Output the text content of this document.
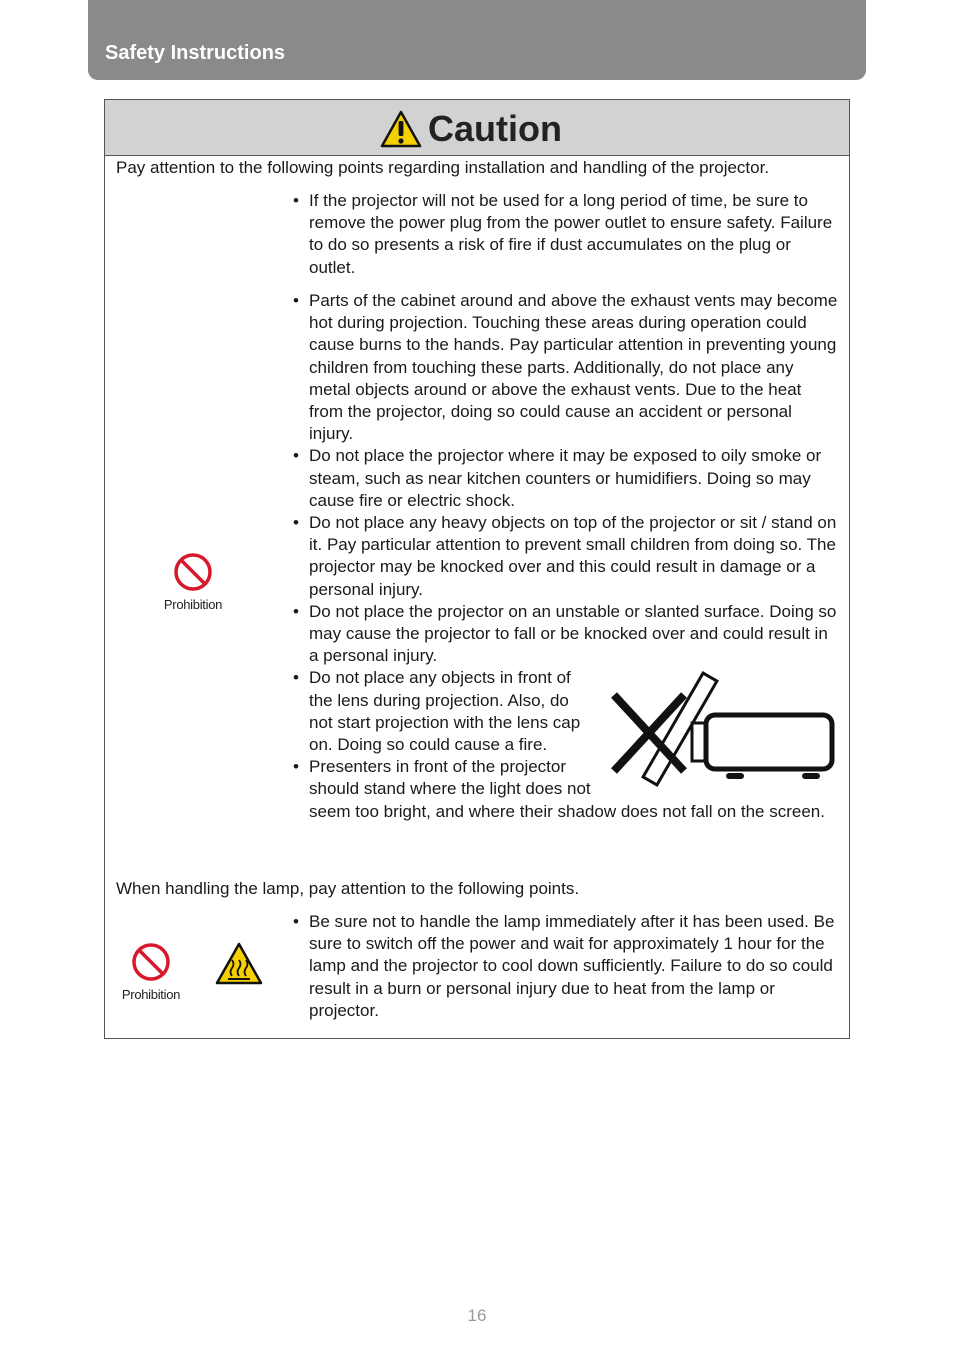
Safety Instructions
Caution
Pay attention to the following points regarding installation and handling of the projector.
• If the projector will not be used for a long period of time, be sure to remove the power plug from the power outlet to ensure safety. Failure to do so presents a risk of fire if dust accumulates on the plug or outlet.
• Parts of the cabinet around and above the exhaust vents may become hot during projection. Touching these areas during operation could cause burns to the hands. Pay particular attention in preventing young children from touching these parts. Additionally, do not place any metal objects around or above the exhaust vents. Due to the heat from the projector, doing so could cause an accident or personal injury.
• Do not place the projector where it may be exposed to oily smoke or steam, such as near kitchen counters or humidifiers. Doing so may cause fire or electric shock.
• Do not place any heavy objects on top of the projector or sit / stand on it. Pay particular attention to prevent small children from doing so. The projector may be knocked over and this could result in damage or a personal injury.
• Do not place the projector on an unstable or slanted surface. Doing so may cause the projector to fall or be knocked over and could result in a personal injury.
• Do not place any objects in front of the lens during projection. Also, do not start projection with the lens cap on. Doing so could cause a fire.
• Presenters in front of the projector should stand where the light does not seem too bright, and where their shadow does not fall on the screen.
Prohibition
When handling the lamp, pay attention to the following points.
• Be sure not to handle the lamp immediately after it has been used. Be sure to switch off the power and wait for approximately 1 hour for the lamp and the projector to cool down sufficiently. Failure to do so could result in a burn or personal injury due to heat from the lamp or projector.
Prohibition
16
